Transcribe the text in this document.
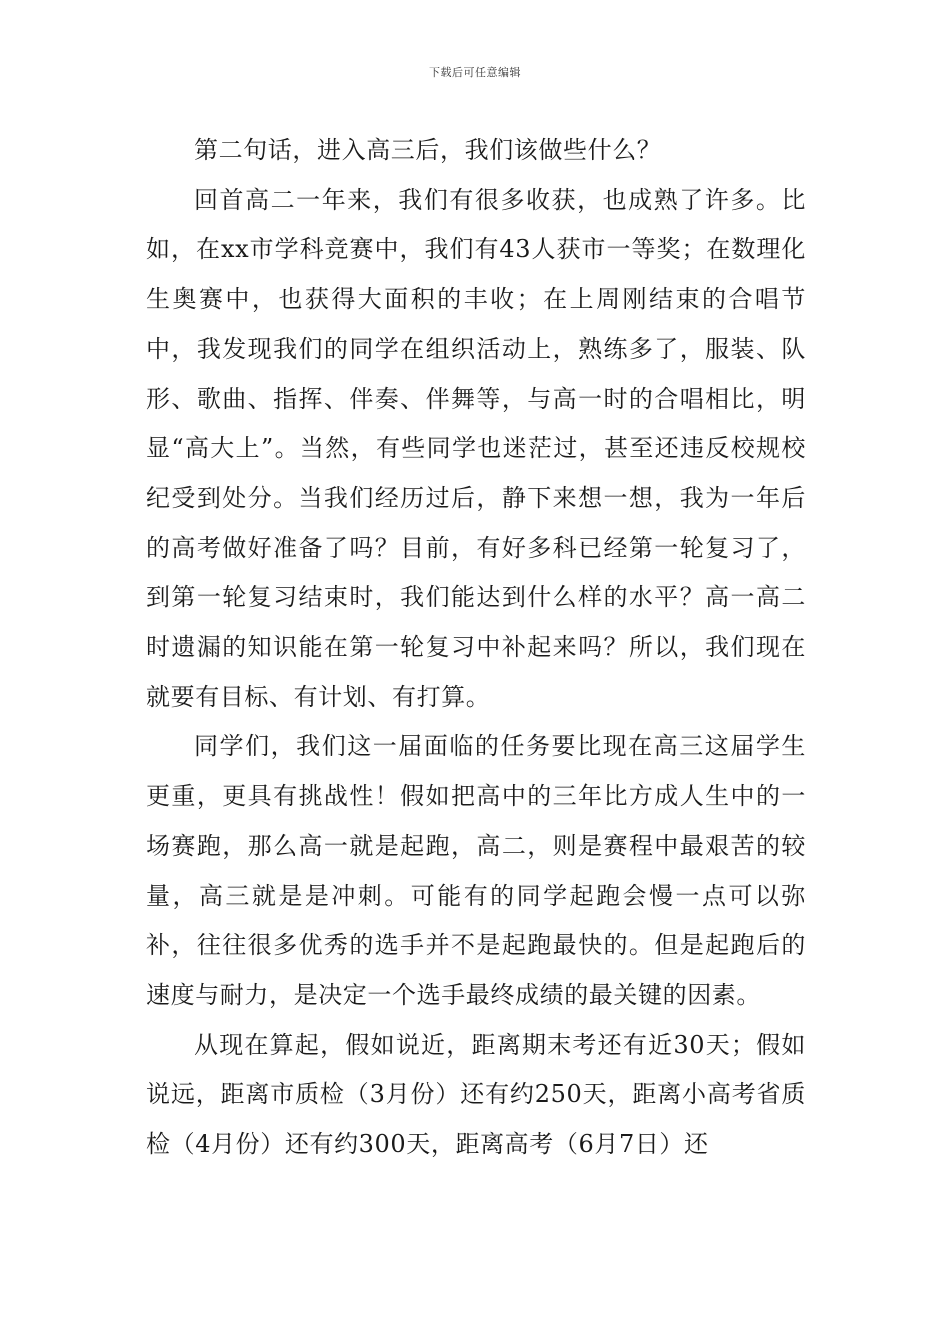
下载后可任意编辑

第二句话，进入高三后，我们该做些什么？

回首高二一年来，我们有很多收获，也成熟了许多。比如，在xx市学科竞赛中，我们有43人获市一等奖；在数理化生奥赛中，也获得大面积的丰收；在上周刚结束的合唱节中，我发现我们的同学在组织活动上，熟练多了，服装、队形、歌曲、指挥、伴奏、伴舞等，与高一时的合唱相比，明显“高大上”。当然，有些同学也迷茫过，甚至还违反校规校纪受到处分。当我们经历过后，静下来想一想，我为一年后的高考做好准备了吗？目前，有好多科已经第一轮复习了，到第一轮复习结束时，我们能达到什么样的水平？高一高二时遗漏的知识能在第一轮复习中补起来吗？所以，我们现在就要有目标、有计划、有打算。

同学们，我们这一届面临的任务要比现在高三这届学生更重，更具有挑战性！假如把高中的三年比方成人生中的一场赛跑，那么高一就是起跑，高二，则是赛程中最艰苦的较量，高三就是是冲刺。可能有的同学起跑会慢一点可以弥补，往往很多优秀的选手并不是起跑最快的。但是起跑后的速度与耐力，是决定一个选手最终成绩的最关键的因素。

从现在算起，假如说近，距离期末考还有近30天；假如说远，距离市质检（3月份）还有约250天，距离小高考省质检（4月份）还有约300天，距离高考（6月7日）还
